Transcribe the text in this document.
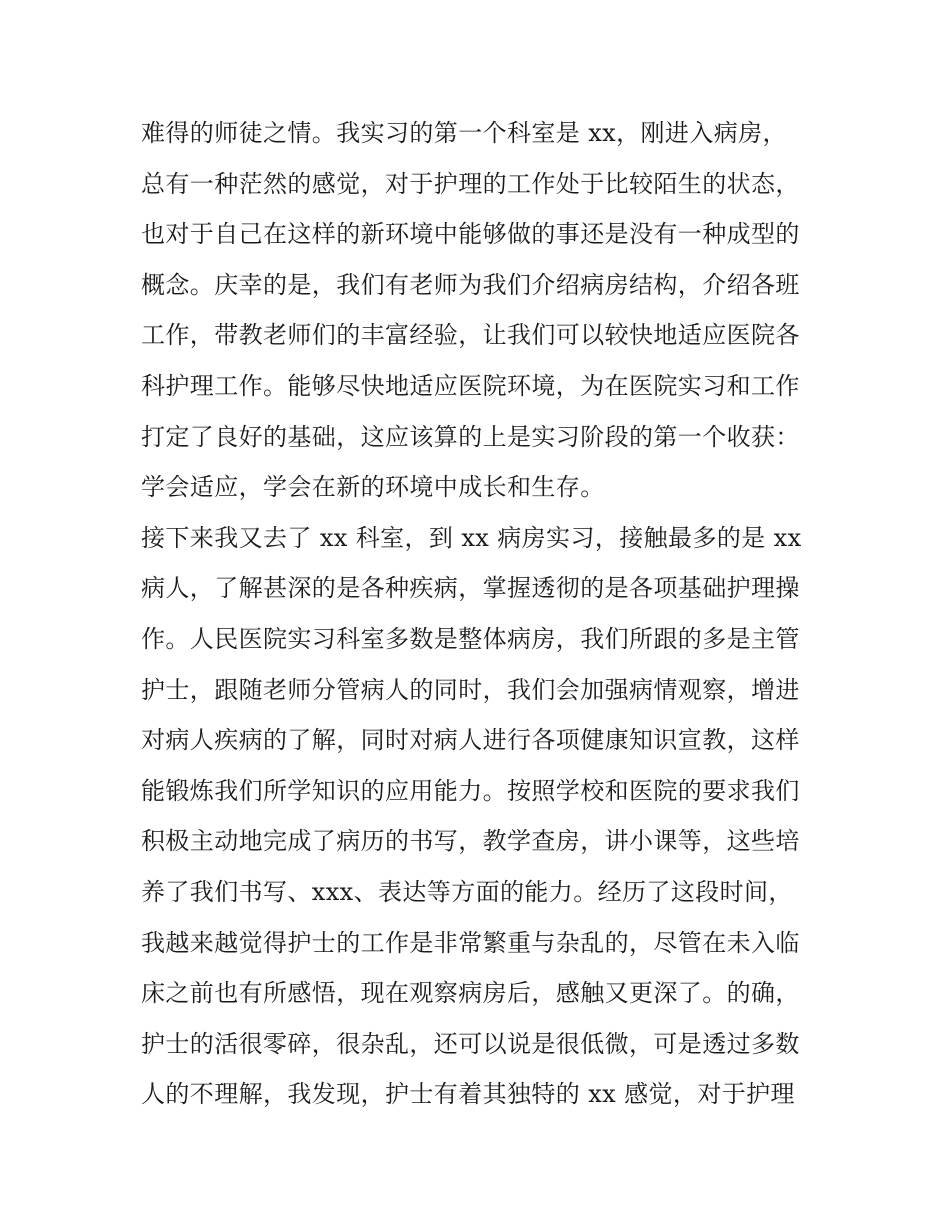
难得的师徒之情。我实习的第一个科室是 xx，刚进入病房，
总有一种茫然的感觉，对于护理的工作处于比较陌生的状态，
也对于自己在这样的新环境中能够做的事还是没有一种成型的
概念。庆幸的是，我们有老师为我们介绍病房结构，介绍各班
工作，带教老师们的丰富经验，让我们可以较快地适应医院各
科护理工作。能够尽快地适应医院环境，为在医院实习和工作
打定了良好的基础，这应该算的上是实习阶段的第一个收获：
学会适应，学会在新的环境中成长和生存。
接下来我又去了 xx 科室，到 xx 病房实习，接触最多的是 xx
病人，了解甚深的是各种疾病，掌握透彻的是各项基础护理操
作。人民医院实习科室多数是整体病房，我们所跟的多是主管
护士，跟随老师分管病人的同时，我们会加强病情观察，增进
对病人疾病的了解，同时对病人进行各项健康知识宣教，这样
能锻炼我们所学知识的应用能力。按照学校和医院的要求我们
积极主动地完成了病历的书写，教学查房，讲小课等，这些培
养了我们书写、xxx、表达等方面的能力。经历了这段时间，
我越来越觉得护士的工作是非常繁重与杂乱的，尽管在未入临
床之前也有所感悟，现在观察病房后，感触又更深了。的确，
护士的活很零碎，很杂乱，还可以说是很低微，可是透过多数
人的不理解，我发现，护士有着其独特的 xx 感觉，对于护理
